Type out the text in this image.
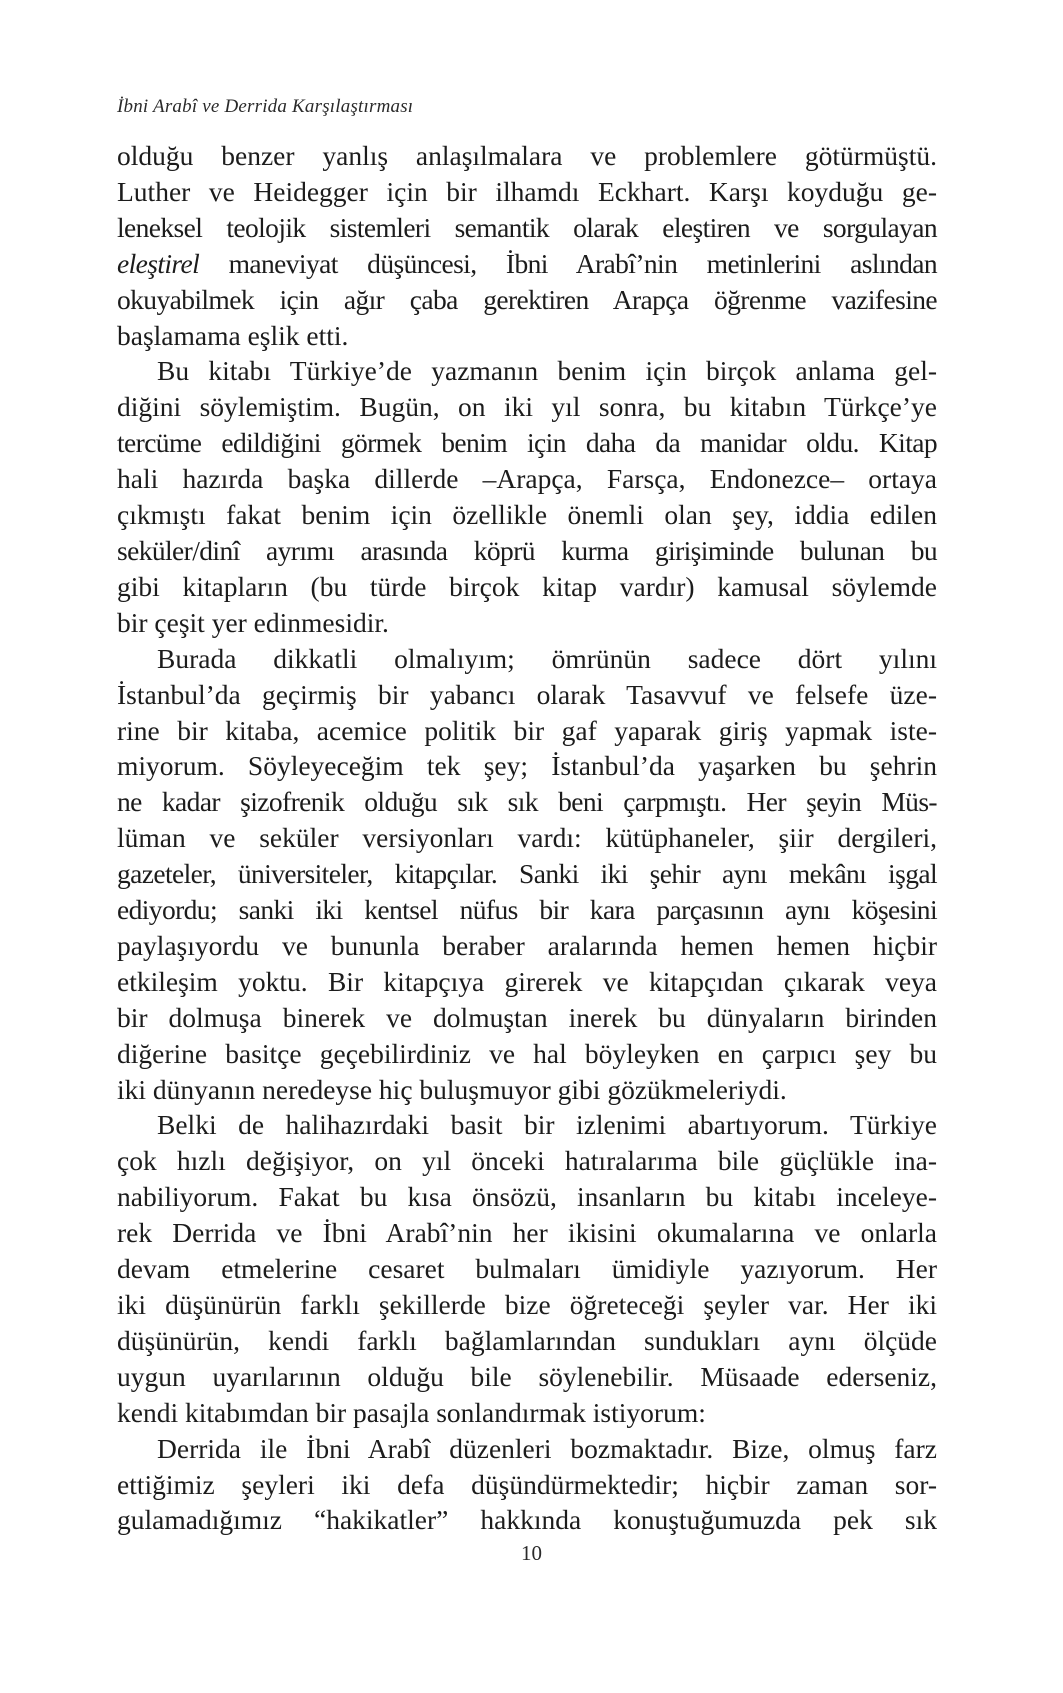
İbni Arabî ve Derrida Karşılaştırması
olduğu benzer yanlış anlaşılmalara ve problemlere götürmüştü.
Luther ve Heidegger için bir ilhamdı Eckhart. Karşı koyduğu ge-
leneksel teolojik sistemleri semantik olarak eleştiren ve sorgulayan
eleştirel maneviyat düşüncesi, İbni Arabî’nin metinlerini aslından
okuyabilmek için ağır çaba gerektiren Arapça öğrenme vazifesine
başlamama eşlik etti.
Bu kitabı Türkiye’de yazmanın benim için birçok anlama gel-
diğini söylemiştim. Bugün, on iki yıl sonra, bu kitabın Türkçe’ye
tercüme edildiğini görmek benim için daha da manidar oldu. Kitap
hali hazırda başka dillerde –Arapça, Farsça, Endonezce– ortaya
çıkmıştı fakat benim için özellikle önemli olan şey, iddia edilen
seküler/dinî ayrımı arasında köprü kurma girişiminde bulunan bu
gibi kitapların (bu türde birçok kitap vardır) kamusal söylemde
bir çeşit yer edinmesidir.
Burada dikkatli olmalıyım; ömrünün sadece dört yılını
İstanbul’da geçirmiş bir yabancı olarak Tasavvuf ve felsefe üze-
rine bir kitaba, acemice politik bir gaf yaparak giriş yapmak iste-
miyorum. Söyleyeceğim tek şey; İstanbul’da yaşarken bu şehrin
ne kadar şizofrenik olduğu sık sık beni çarpmıştı. Her şeyin Müs-
lüman ve seküler versiyonları vardı: kütüphaneler, şiir dergileri,
gazeteler, üniversiteler, kitapçılar. Sanki iki şehir aynı mekânı işgal
ediyordu; sanki iki kentsel nüfus bir kara parçasının aynı köşesini
paylaşıyordu ve bununla beraber aralarında hemen hemen hiçbir
etkileşim yoktu. Bir kitapçıya girerek ve kitapçıdan çıkarak veya
bir dolmuşa binerek ve dolmuştan inerek bu dünyaların birinden
diğerine basitçe geçebilirdiniz ve hal böyleyken en çarpıcı şey bu
iki dünyanın neredeyse hiç buluşmuyor gibi gözükmeleriydi.
Belki de halihazırdaki basit bir izlenimi abartıyorum. Türkiye
çok hızlı değişiyor, on yıl önceki hatıralarıma bile güçlükle ina-
nabiliyorum. Fakat bu kısa önsözü, insanların bu kitabı inceleye-
rek Derrida ve İbni Arabî’nin her ikisini okumalarına ve onlarla
devam etmelerine cesaret bulmaları ümidiyle yazıyorum. Her
iki düşünürün farklı şekillerde bize öğreteceği şeyler var. Her iki
düşünürün, kendi farklı bağlamlarından sundukları aynı ölçüde
uygun uyarılarının olduğu bile söylenebilir. Müsaade ederseniz,
kendi kitabımdan bir pasajla sonlandırmak istiyorum:
Derrida ile İbni Arabî düzenleri bozmaktadır. Bize, olmuş farz
ettiğimiz şeyleri iki defa düşündürmektedir; hiçbir zaman sor-
gulamadığımız “hakikatler” hakkında konuştuğumuzda pek sık
10
